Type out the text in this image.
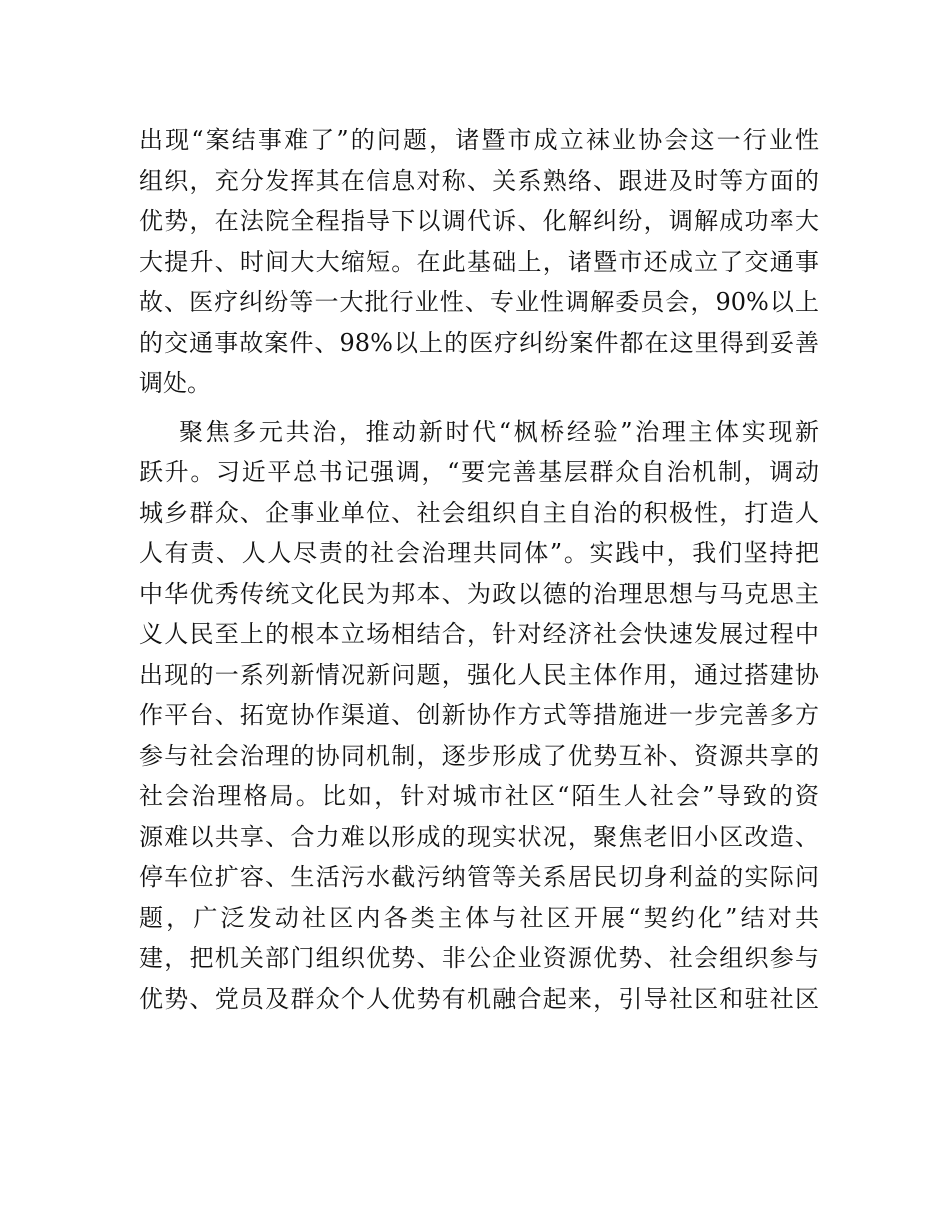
出现“案结事难了”的问题，诸暨市成立袜业协会这一行业性
组织，充分发挥其在信息对称、关系熟络、跟进及时等方面的
优势，在法院全程指导下以调代诉、化解纠纷，调解成功率大
大提升、时间大大缩短。在此基础上，诸暨市还成立了交通事
故、医疗纠纷等一大批行业性、专业性调解委员会，90%以上
的交通事故案件、98%以上的医疗纠纷案件都在这里得到妥善
调处。
聚焦多元共治，推动新时代“枫桥经验”治理主体实现新
跃升。习近平总书记强调，“要完善基层群众自治机制，调动
城乡群众、企事业单位、社会组织自主自治的积极性，打造人
人有责、人人尽责的社会治理共同体”。实践中，我们坚持把
中华优秀传统文化民为邦本、为政以德的治理思想与马克思主
义人民至上的根本立场相结合，针对经济社会快速发展过程中
出现的一系列新情况新问题，强化人民主体作用，通过搭建协
作平台、拓宽协作渠道、创新协作方式等措施进一步完善多方
参与社会治理的协同机制，逐步形成了优势互补、资源共享的
社会治理格局。比如，针对城市社区“陌生人社会”导致的资
源难以共享、合力难以形成的现实状况，聚焦老旧小区改造、
停车位扩容、生活污水截污纳管等关系居民切身利益的实际问
题，广泛发动社区内各类主体与社区开展“契约化”结对共
建，把机关部门组织优势、非公企业资源优势、社会组织参与
优势、党员及群众个人优势有机融合起来，引导社区和驻社区
